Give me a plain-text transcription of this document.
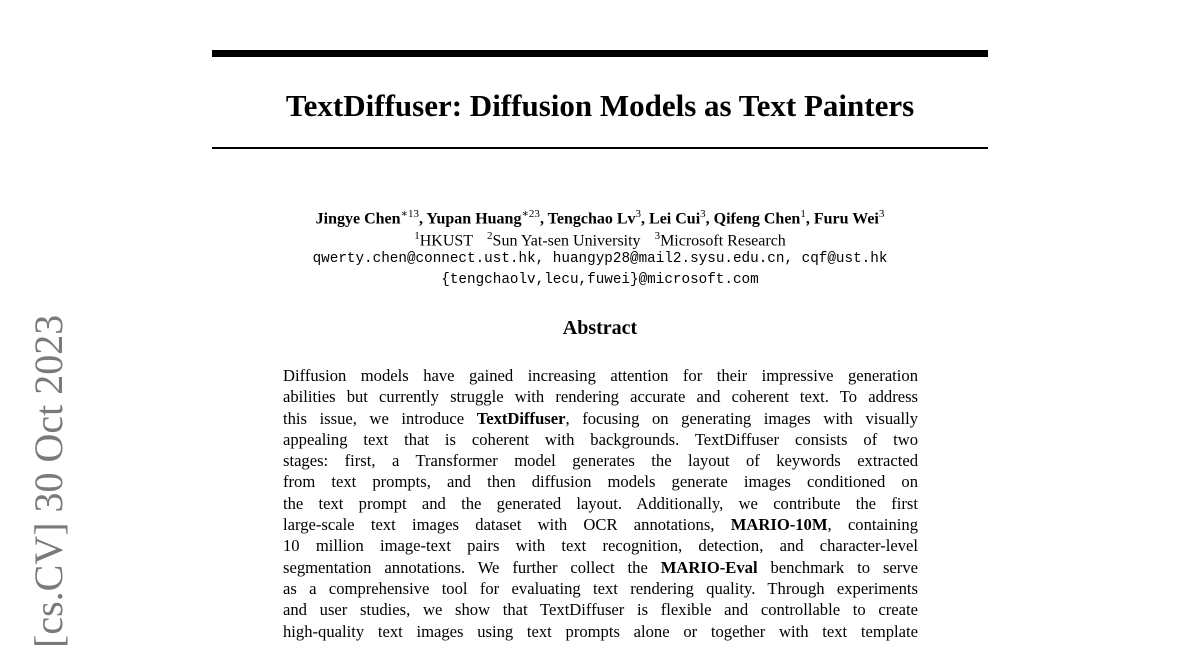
[cs.CV] 30 Oct 2023
TextDiffuser: Diffusion Models as Text Painters
Jingye Chen$^{∗13}$, Yupan Huang$^{∗23}$, Tengchao Lv$^3$, Lei Cui$^3$, Qifeng Chen$^1$, Furu Wei$^3$
$^1$HKUST $^2$Sun Yat-sen University $^3$Microsoft Research
qwerty.chen@connect.ust.hk, huangyp28@mail2.sysu.edu.cn, cqf@ust.hk
{tengchaolv,lecu,fuwei}@microsoft.com
Abstract
Diffusion models have gained increasing attention for their impressive generation
abilities but currently struggle with rendering accurate and coherent text. To address
this issue, we introduce TextDiffuser, focusing on generating images with visually
appealing text that is coherent with backgrounds. TextDiffuser consists of two
stages: first, a Transformer model generates the layout of keywords extracted
from text prompts, and then diffusion models generate images conditioned on
the text prompt and the generated layout. Additionally, we contribute the first
large-scale text images dataset with OCR annotations, MARIO-10M, containing
10 million image-text pairs with text recognition, detection, and character-level
segmentation annotations. We further collect the MARIO-Eval benchmark to serve
as a comprehensive tool for evaluating text rendering quality. Through experiments
and user studies, we show that TextDiffuser is flexible and controllable to create
high-quality text images using text prompts alone or together with text template
